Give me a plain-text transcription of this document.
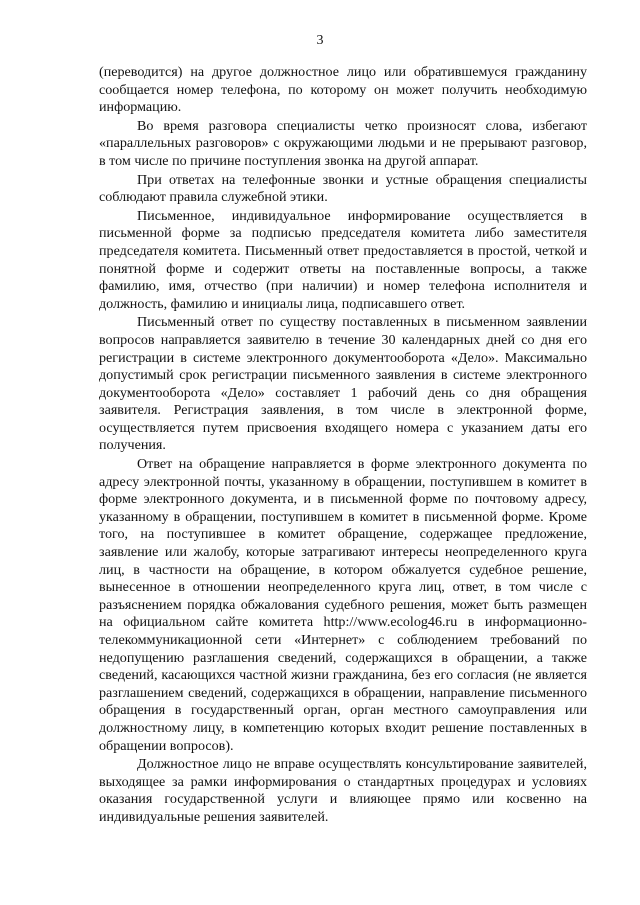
3

(переводится) на другое должностное лицо или обратившемуся гражданину сообщается номер телефона, по которому он может получить необходимую информацию.

Во время разговора специалисты четко произносят слова, избегают «параллельных разговоров» с окружающими людьми и не прерывают разговор, в том числе по причине поступления звонка на другой аппарат.

При ответах на телефонные звонки и устные обращения специалисты соблюдают правила служебной этики.

Письменное, индивидуальное информирование осуществляется в письменной форме за подписью председателя комитета либо заместителя председателя комитета. Письменный ответ предоставляется в простой, четкой и понятной форме и содержит ответы на поставленные вопросы, а также фамилию, имя, отчество (при наличии) и номер телефона исполнителя и должность, фамилию и инициалы лица, подписавшего ответ.

Письменный ответ по существу поставленных в письменном заявлении вопросов направляется заявителю в течение 30 календарных дней со дня его регистрации в системе электронного документооборота «Дело». Максимально допустимый срок регистрации письменного заявления в системе электронного документооборота «Дело» составляет 1 рабочий день со дня обращения заявителя. Регистрация заявления, в том числе в электронной форме, осуществляется путем присвоения входящего номера с указанием даты его получения.

Ответ на обращение направляется в форме электронного документа по адресу электронной почты, указанному в обращении, поступившем в комитет в форме электронного документа, и в письменной форме по почтовому адресу, указанному в обращении, поступившем в комитет в письменной форме. Кроме того, на поступившее в комитет обращение, содержащее предложение, заявление или жалобу, которые затрагивают интересы неопределенного круга лиц, в частности на обращение, в котором обжалуется судебное решение, вынесенное в отношении неопределенного круга лиц, ответ, в том числе с разъяснением порядка обжалования судебного решения, может быть размещен на официальном сайте комитета http://www.ecolog46.ru в информационно-телекоммуникационной сети «Интернет» с соблюдением требований по недопущению разглашения сведений, содержащихся в обращении, а также сведений, касающихся частной жизни гражданина, без его согласия (не является разглашением сведений, содержащихся в обращении, направление письменного обращения в государственный орган, орган местного самоуправления или должностному лицу, в компетенцию которых входит решение поставленных в обращении вопросов).

Должностное лицо не вправе осуществлять консультирование заявителей, выходящее за рамки информирования о стандартных процедурах и условиях оказания государственной услуги и влияющее прямо или косвенно на индивидуальные решения заявителей.
